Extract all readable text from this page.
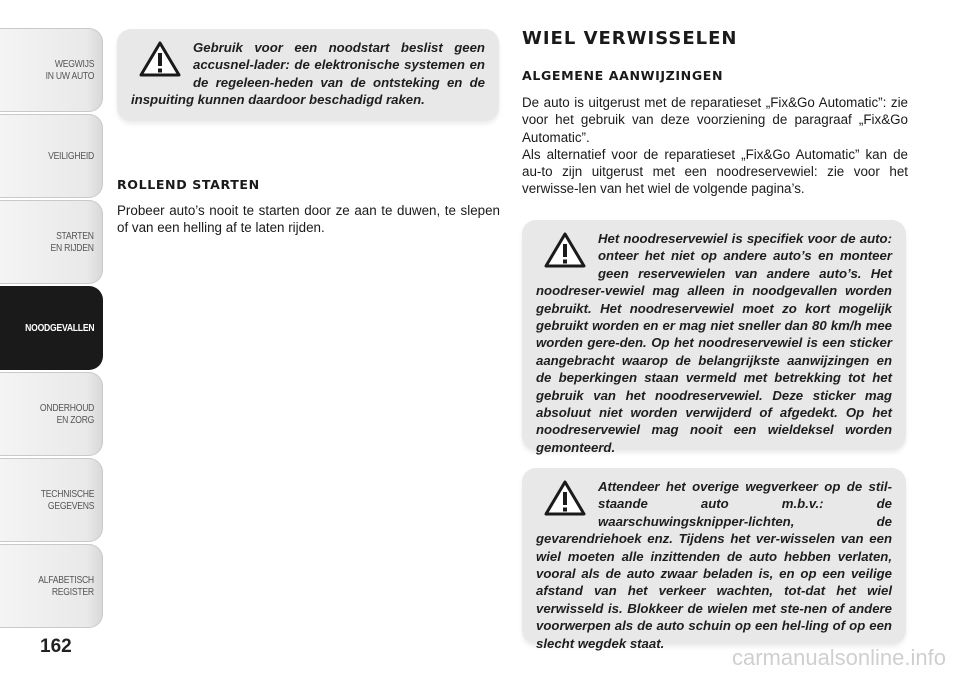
WEGWIJS
IN UW AUTO
VEILIGHEID
STARTEN
EN RIJDEN
NOODGEVALLEN
ONDERHOUD
EN ZORG
TECHNISCHE
GEGEVENS
ALFABETISCH
REGISTER
162

Gebruik voor een noodstart beslist geen accusnel-lader: de elektronische systemen en de regeleen-heden van de ontsteking en de inspuiting kunnen daardoor beschadigd raken.

ROLLEND STARTEN

Probeer auto’s nooit te starten door ze aan te duwen, te slepen of van een helling af te laten rijden.

WIEL VERWISSELEN
ALGEMENE AANWIJZINGEN

De auto is uitgerust met de reparatieset „Fix&Go Automatic”: zie voor het gebruik van deze voorziening de paragraaf „Fix&Go Automatic”.

Als alternatief voor de reparatieset „Fix&Go Automatic” kan de au-to zijn uitgerust met een noodreservewiel: zie voor het verwisse-len van het wiel de volgende pagina’s.

Het noodreservewiel is specifiek voor de auto: onteer het niet op andere auto’s en monteer geen reservewielen van andere auto’s. Het noodreser-vewiel mag alleen in noodgevallen worden gebruikt. Het noodreservewiel moet zo kort mogelijk gebruikt worden en er mag niet sneller dan 80 km/h mee worden gere-den. Op het noodreservewiel is een sticker aangebracht waarop de belangrijkste aanwijzingen en de beperkingen staan vermeld met betrekking tot het gebruik van het noodreservewiel. Deze sticker mag absoluut niet worden verwijderd of afgedekt. Op het noodreservewiel mag nooit een wieldeksel worden gemonteerd.

Attendeer het overige wegverkeer op de stil-staande auto m.b.v.: de waarschuwingsknipper-lichten, de gevarendriehoek enz. Tijdens het ver-wisselen van een wiel moeten alle inzittenden de auto hebben verlaten, vooral als de auto zwaar beladen is, en op een veilige afstand van het verkeer wachten, tot-dat het wiel verwisseld is. Blokkeer de wielen met ste-nen of andere voorwerpen als de auto schuin op een hel-ling of op een slecht wegdek staat.

carmanualsonline.info
